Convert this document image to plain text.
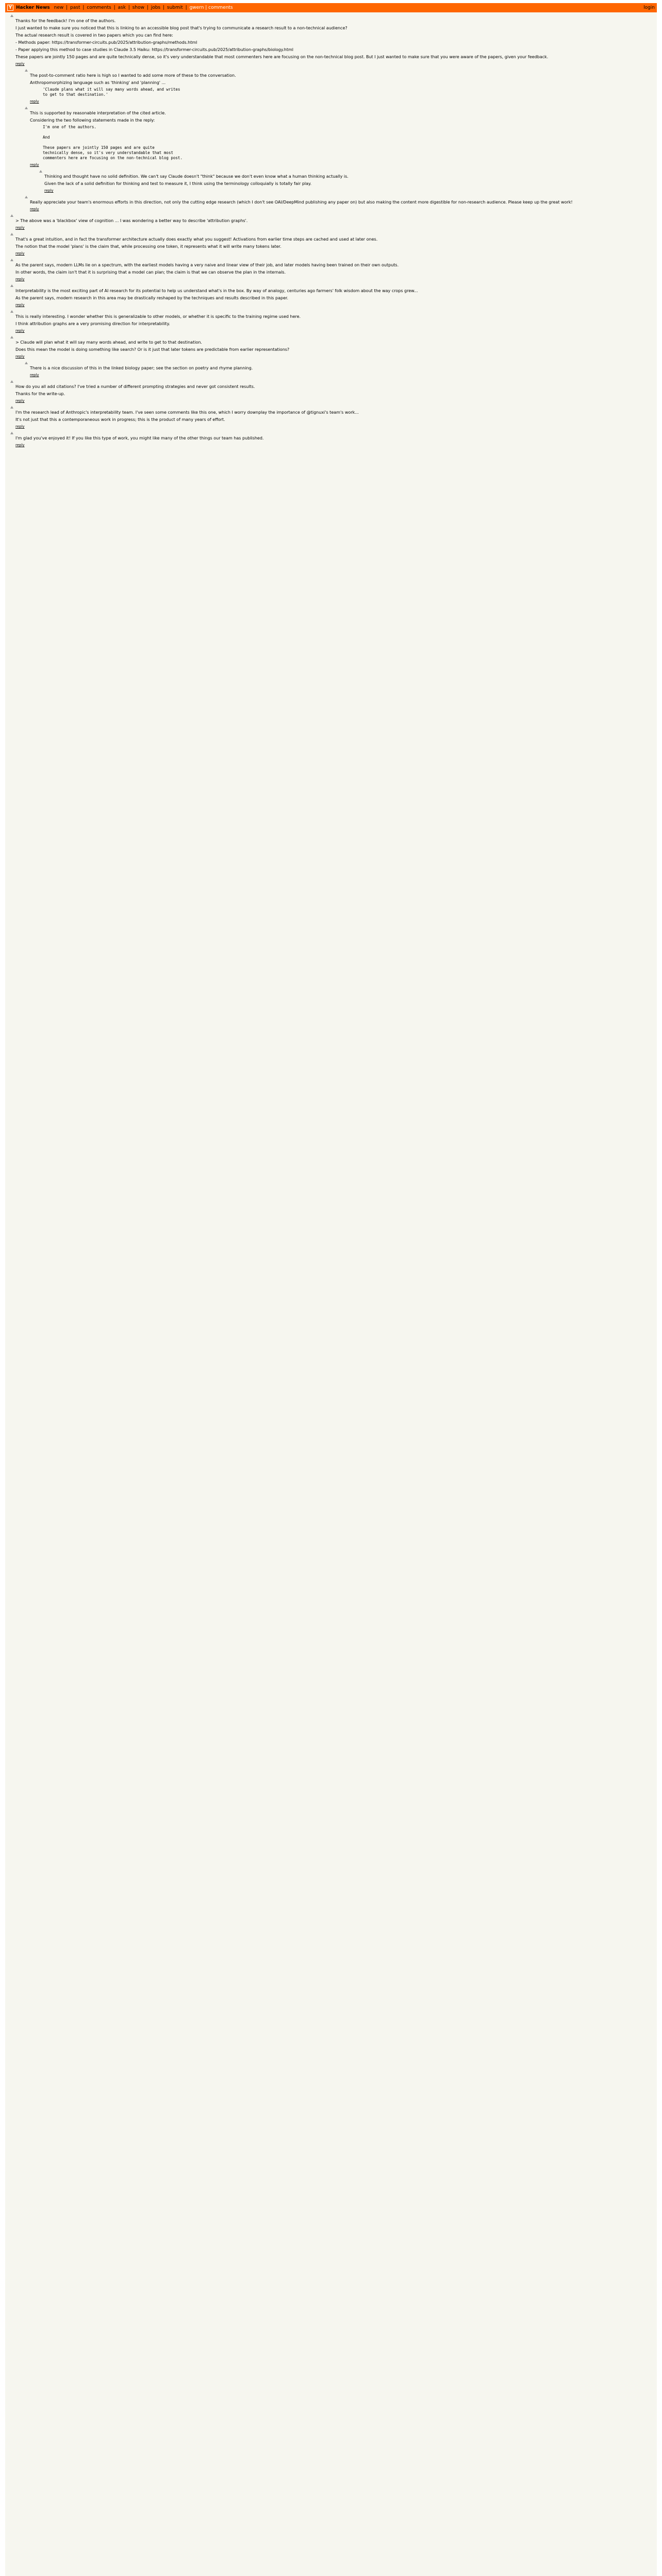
Y Hacker News new | past | comments | ask | show | jobs | submit | gwern | comments	login

Thanks for the feedback! I'm one of the authors.

I just wanted to make sure you noticed that this is linking to an accessible blog post that's trying to communicate a research result to a non-technical audience?

The actual research result is covered in two papers which you can find here:

- Methods paper: https://transformer-circuits.pub/2025/attribution-graphs/methods.html

- Paper applying this method to case studies in Claude 3.5 Haiku: https://transformer-circuits.pub/2025/attribution-graphs/biology.html

These papers are jointly 150 pages and are quite technically dense, so it's very understandable that most commenters here are focusing on the non-technical blog post. But I just wanted to make sure that you were aware of the papers, given your feedback.

reply

The post-to-comment ratio here is high so I wanted to add some more of these to the conversation.

Anthropomorphizing language such as 'thinking' and 'planning' ...

'Claude plans what it will say many words ahead, and writes
to get to that destination.'
reply

This is supported by reasonable interpretation of the cited article.

Considering the two following statements made in the reply:

I'm one of the authors.

And

These papers are jointly 150 pages and are quite
technically dense, so it's very understandable that most
commenters here are focusing on the non-technical blog post.
reply

Thinking and thought have no solid definition. We can't say Claude doesn't "think" because we don't even know what a human thinking actually is.

Given the lack of a solid definition for thinking and test to measure it, I think using the terminology colloquially is totally fair play.

reply

Really appreciate your team's enormous efforts in this direction, not only the cutting edge research (which I don't see OAI/DeepMind publishing any paper on) but also making the content more digestible for non-research audience. Please keep up the great work!

reply

> The above was a 'blackbox' view of cognition ... I was wondering a better way to describe 'attribution graphs'.

reply

That's a great intuition, and in fact the transformer architecture actually does exactly what you suggest! Activations from earlier time steps are cached and used at later ones.

The notion that the model 'plans' is the claim that, while processing one token, it represents what it will write many tokens later.

reply

As the parent says, modern LLMs lie on a spectrum, with the earliest models having a very naive and linear view of their job, and later models having been trained on their own outputs.

In other words, the claim isn't that it is surprising that a model can plan; the claim is that we can observe the plan in the internals.

reply

Interpretability is the most exciting part of AI research for its potential to help us understand what's in the box. By way of analogy, centuries ago farmers' folk wisdom about the way crops grew...

As the parent says, modern research in this area may be drastically reshaped by the techniques and results described in this paper.

reply

This is really interesting. I wonder whether this is generalizable to other models, or whether it is specific to the training regime used here.

I think attribution graphs are a very promising direction for interpretability.

reply

> Claude will plan what it will say many words ahead, and write to get to that destination.

Does this mean the model is doing something like search? Or is it just that later tokens are predictable from earlier representations?

reply

There is a nice discussion of this in the linked biology paper; see the section on poetry and rhyme planning.

reply

How do you all add citations? I've tried a number of different prompting strategies and never got consistent results.

Thanks for the write-up.

reply

I'm the research lead of Anthropic's interpretability team. I've seen some comments like this one, which I worry downplay the importance of @tignuxi's team's work...

It's not just that this a contemporaneous work in progress; this is the product of many years of effort.

reply

I'm glad you've enjoyed it! If you like this type of work, you might like many of the other things our team has published.

reply
